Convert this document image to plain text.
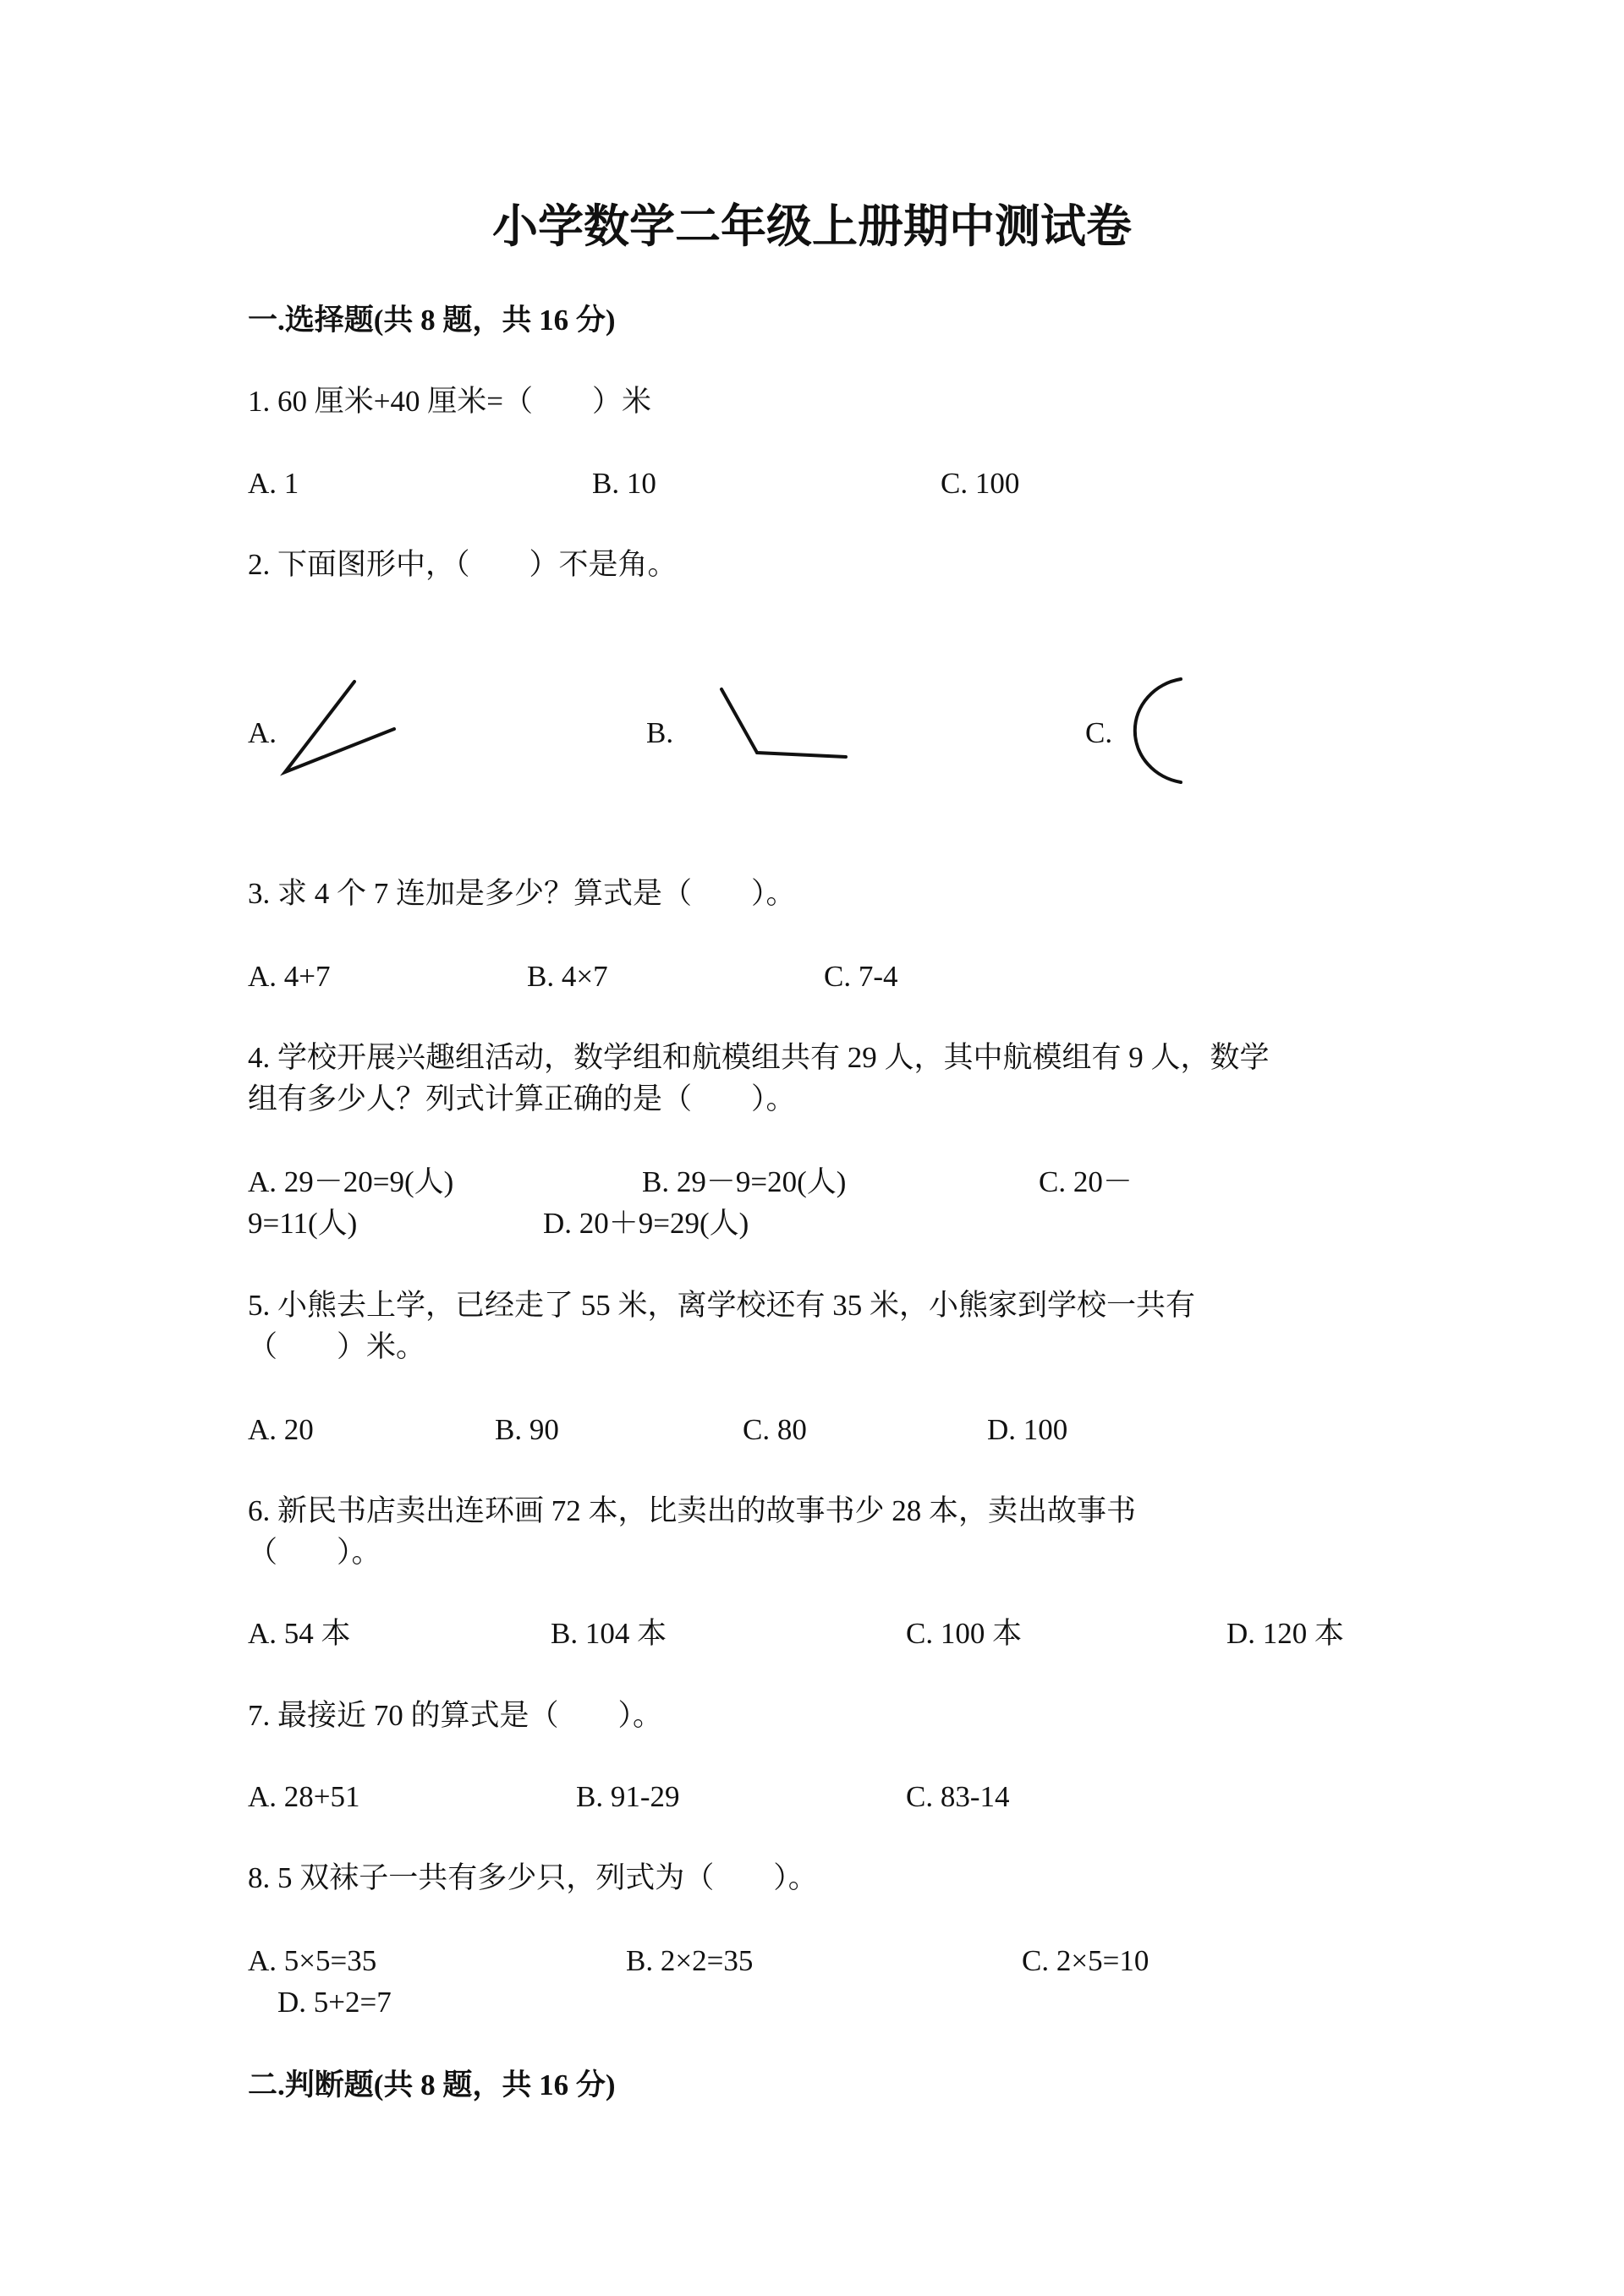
小学数学二年级上册期中测试卷
一.选择题(共 8 题，共 16 分)
1. 60 厘米+40 厘米=（　　）米
A. 1	B. 10	C. 100
2. 下面图形中，（　　）不是角。
A.	B.	C.
3. 求 4 个 7 连加是多少？算式是（　　）。
A. 4+7	B. 4×7	C. 7-4
4. 学校开展兴趣组活动，数学组和航模组共有 29 人，其中航模组有 9 人，数学
组有多少人？列式计算正确的是（　　）。
A. 29－20=9(人)	B. 29－9=20(人)	C. 20－
9=11(人)	D. 20＋9=29(人)
5. 小熊去上学，已经走了 55 米，离学校还有 35 米，小熊家到学校一共有
（　　）米。
A. 20	B. 90	C. 80	D. 100
6. 新民书店卖出连环画 72 本，比卖出的故事书少 28 本，卖出故事书
（　　）。
A. 54 本	B. 104 本	C. 100 本	D. 120 本
7. 最接近 70 的算式是（　　）。
A. 28+51	B. 91-29	C. 83-14
8. 5 双袜子一共有多少只，列式为（　　）。
A. 5×5=35	B. 2×2=35	C. 2×5=10
D. 5+2=7
二.判断题(共 8 题，共 16 分)
